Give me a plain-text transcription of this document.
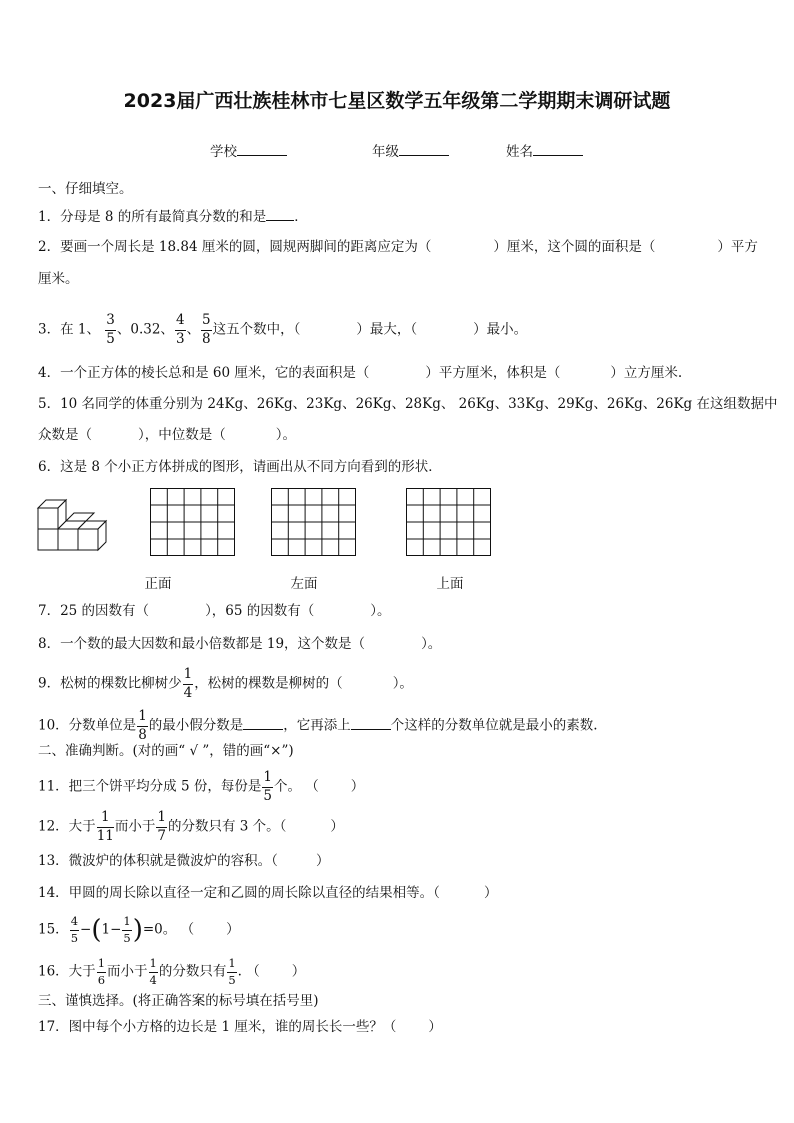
2023届广西壮族桂林市七星区数学五年级第二学期期末调研试题
学校	年级	姓名
一、仔细填空。
1．分母是 8 的所有最简真分数的和是 ．
2．要画一个周长是 18.84 厘米的圆，圆规两脚间的距离应定为（	）厘米，这个圆的面积是（	）平方
厘米。
3．在 1、 $\frac{3}{5}$ 、0.32、 $\frac{4}{3}$ 、 $\frac{5}{8}$ 这五个数中，（	）最大，（	）最小。
4．一个正方体的棱长总和是 60 厘米，它的表面积是（	）平方厘米，体积是（	）立方厘米.
5．10 名同学的体重分别为 24Kg、26Kg、23Kg、26Kg、28Kg、 26Kg、33Kg、29Kg、26Kg、26Kg 在这组数据中
众数是（	），中位数是（	）。
6．这是 8 个小正方体拼成的图形，请画出从不同方向看到的形状．
正面	左面	上面
7．25 的因数有（	），65 的因数有（	）。
8．一个数的最大因数和最小倍数都是 19，这个数是（	）。
9．松树的棵数比柳树少 $\frac{1}{4}$ ，松树的棵数是柳树的（	）。
10．分数单位是 $\frac{1}{8}$ 的最小假分数是	，它再添上	个这样的分数单位就是最小的素数.
二、准确判断。(对的画“ √ ”，错的画“×”)
11．把三个饼平均分成 5 份，每份是 $\frac{1}{5}$ 个。 （ ）
12．大于 $\frac{1}{11}$ 而小于 $\frac{1}{7}$ 的分数只有 3 个。（	）
13．微波炉的体积就是微波炉的容积。（	）
14．甲圆的周长除以直径一定和乙圆的周长除以直径的结果相等。（	）
15． $\frac{4}{5} -(1- \frac{1}{5} )=0$。 （ ）
16．大于 $\frac{1}{6}$ 而小于 $\frac{1}{4}$ 的分数只有 $\frac{1}{5}$ . （ ）
三、谨慎选择。(将正确答案的标号填在括号里)
17．图中每个小方格的边长是 1 厘米，谁的周长长一些？（ ）
